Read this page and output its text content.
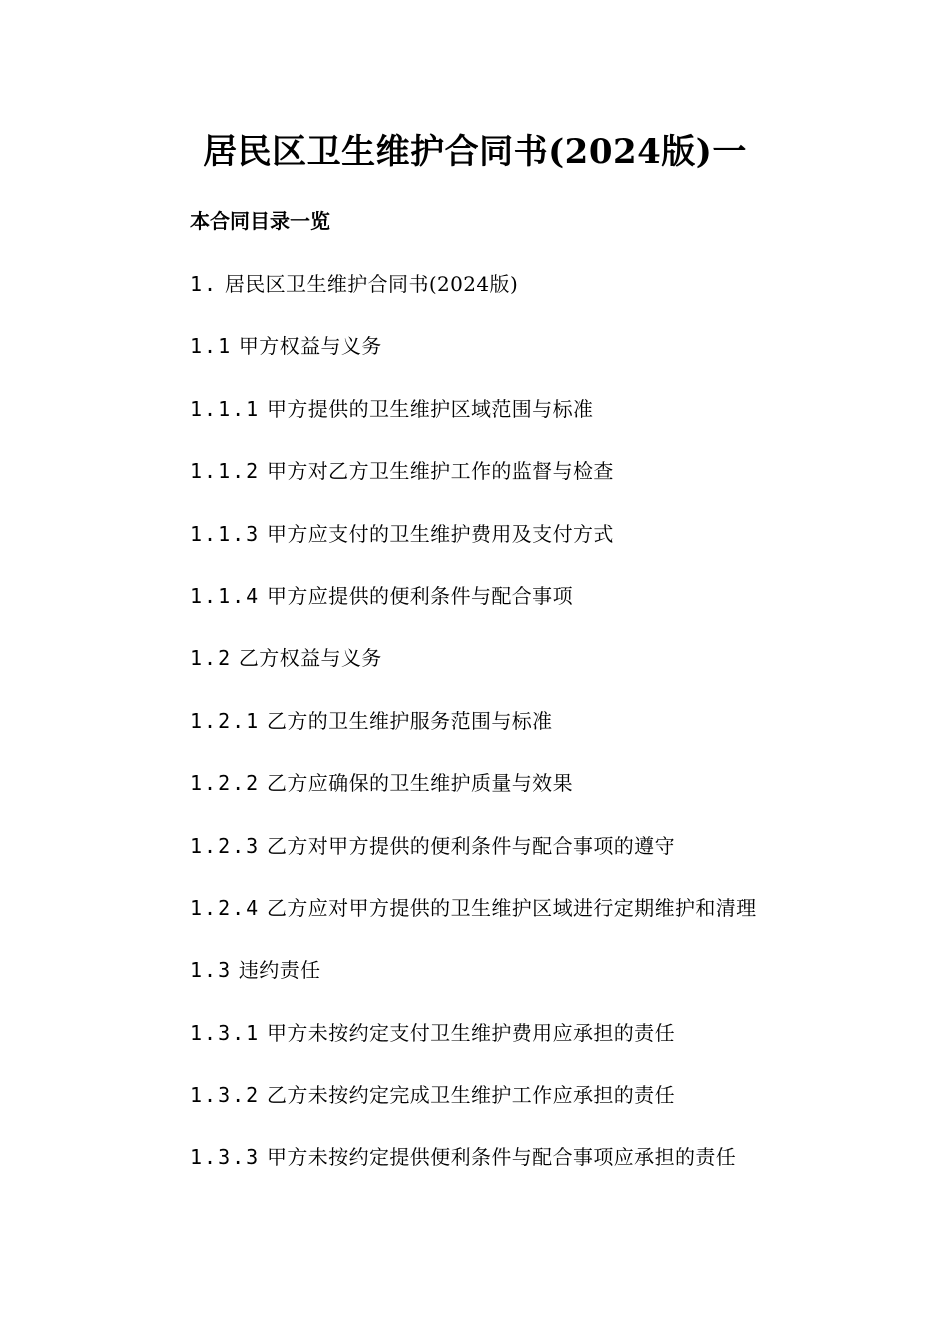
居民区卫生维护合同书(2024版)一
本合同目录一览
1. 居民区卫生维护合同书(2024版)
1.1 甲方权益与义务
1.1.1 甲方提供的卫生维护区域范围与标准
1.1.2 甲方对乙方卫生维护工作的监督与检查
1.1.3 甲方应支付的卫生维护费用及支付方式
1.1.4 甲方应提供的便利条件与配合事项
1.2 乙方权益与义务
1.2.1 乙方的卫生维护服务范围与标准
1.2.2 乙方应确保的卫生维护质量与效果
1.2.3 乙方对甲方提供的便利条件与配合事项的遵守
1.2.4 乙方应对甲方提供的卫生维护区域进行定期维护和清理
1.3 违约责任
1.3.1 甲方未按约定支付卫生维护费用应承担的责任
1.3.2 乙方未按约定完成卫生维护工作应承担的责任
1.3.3 甲方未按约定提供便利条件与配合事项应承担的责任
